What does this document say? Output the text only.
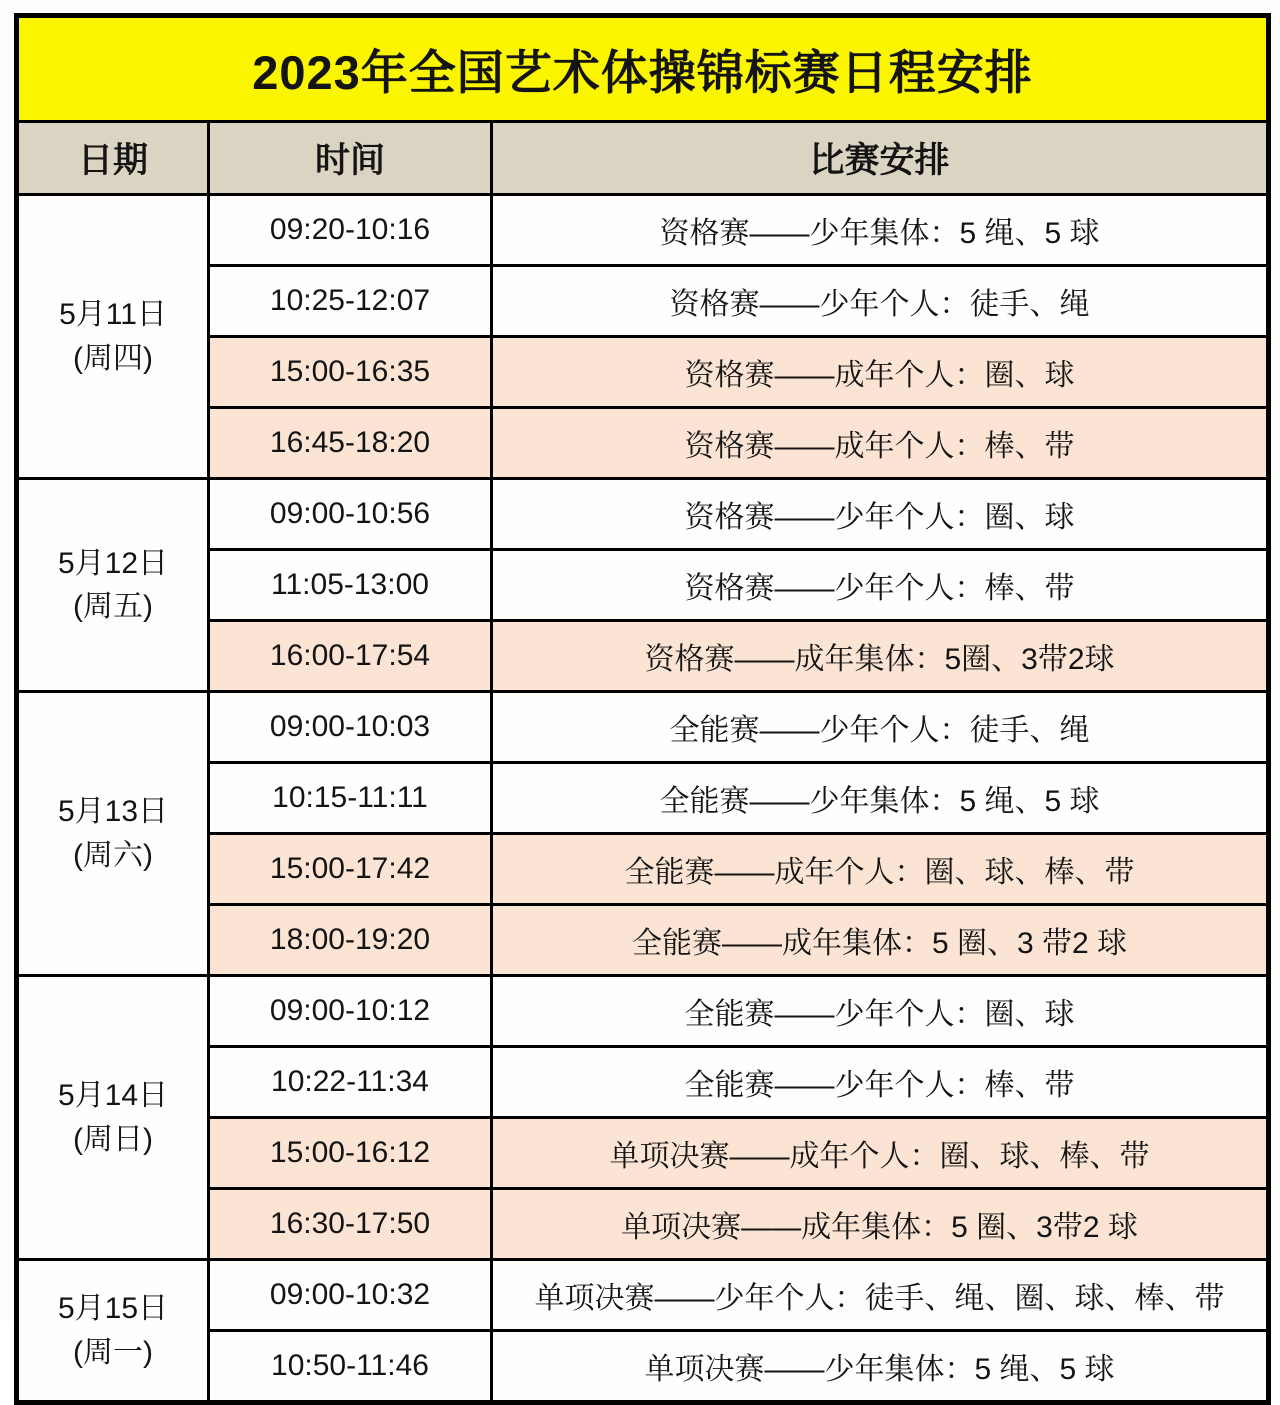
2023年全国艺术体操锦标赛日程安排		
日期	时间	比赛安排

5月11日
(周四)	09:20-10:16	资格赛——少年集体：5 绳、5 球
	10:25-12:07	资格赛——少年个人：徒手、绳
	15:00-16:35	资格赛——成年个人：圈、球
	16:45-18:20	资格赛——成年个人：棒、带

5月12日
(周五)	09:00-10:56	资格赛——少年个人：圈、球
	11:05-13:00	资格赛——少年个人：棒、带
	16:00-17:54	资格赛——成年集体：5圈、3带2球

5月13日
(周六)	09:00-10:03	全能赛——少年个人：徒手、绳
	10:15-11:11	全能赛——少年集体：5 绳、5 球
	15:00-17:42	全能赛——成年个人：圈、球、棒、带
	18:00-19:20	全能赛——成年集体：5 圈、3 带2 球

5月14日
(周日)	09:00-10:12	全能赛——少年个人：圈、球
	10:22-11:34	全能赛——少年个人：棒、带
	15:00-16:12	单项决赛——成年个人：圈、球、棒、带
	16:30-17:50	单项决赛——成年集体：5 圈、3带2 球

5月15日
(周一)	09:00-10:32	单项决赛——少年个人：徒手、绳、圈、球、棒、带
	10:50-11:46	单项决赛——少年集体：5 绳、5 球
